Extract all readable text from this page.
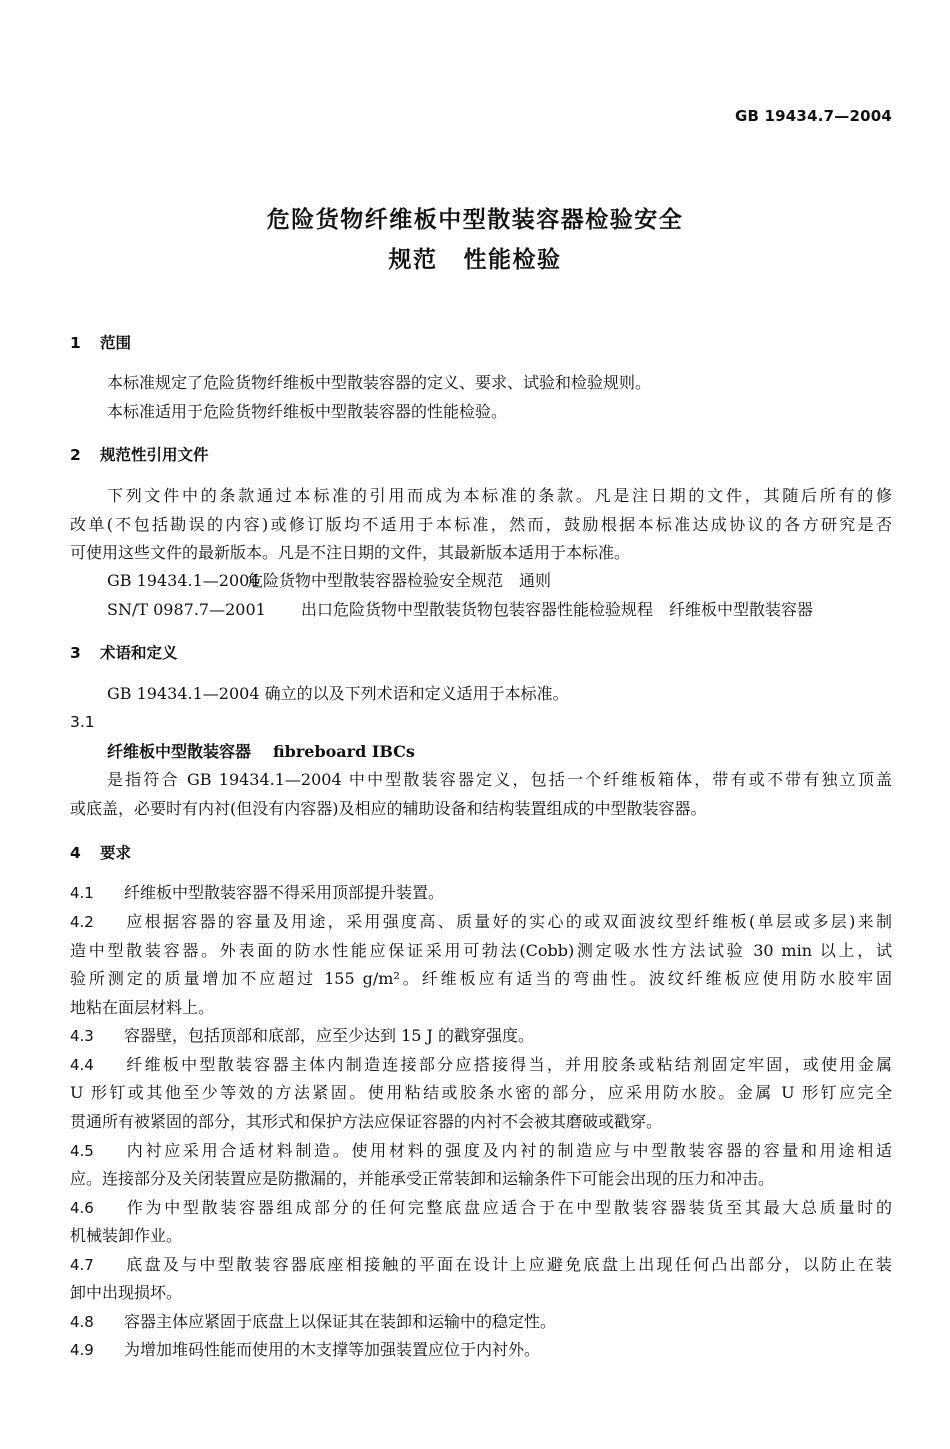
GB 19434.7—2004
危险货物纤维板中型散装容器检验安全
规范 性能检验
1 范围
本标准规定了危险货物纤维板中型散装容器的定义、要求、试验和检验规则。
本标准适用于危险货物纤维板中型散装容器的性能检验。
2 规范性引用文件
下列文件中的条款通过本标准的引用而成为本标准的条款。凡是注日期的文件，其随后所有的修
改单(不包括勘误的内容)或修订版均不适用于本标准，然而，鼓励根据本标准达成协议的各方研究是否
可使用这些文件的最新版本。凡是不注日期的文件，其最新版本适用于本标准。
GB 19434.1—2004危险货物中型散装容器检验安全规范　通则
SN/T 0987.7—2001 出口危险货物中型散装货物包装容器性能检验规程　纤维板中型散装容器
3 术语和定义
GB 19434.1—2004 确立的以及下列术语和定义适用于本标准。
3.1
纤维板中型散装容器 fibreboard IBCs
是指符合 GB 19434.1—2004 中中型散装容器定义，包括一个纤维板箱体，带有或不带有独立顶盖
或底盖，必要时有内衬(但没有内容器)及相应的辅助设备和结构装置组成的中型散装容器。
4 要求
4.1 纤维板中型散装容器不得采用顶部提升装置。
4.2 应根据容器的容量及用途，采用强度高、质量好的实心的或双面波纹型纤维板(单层或多层)来制
造中型散装容器。外表面的防水性能应保证采用可勃法(Cobb)测定吸水性方法试验 30 min 以上，试
验所测定的质量增加不应超过 155 g/m²。纤维板应有适当的弯曲性。波纹纤维板应使用防水胶牢固
地粘在面层材料上。
4.3 容器壁，包括顶部和底部，应至少达到 15 J 的戳穿强度。
4.4 纤维板中型散装容器主体内制造连接部分应搭接得当，并用胶条或粘结剂固定牢固，或使用金属
U 形钉或其他至少等效的方法紧固。使用粘结或胶条水密的部分，应采用防水胶。金属 U 形钉应完全
贯通所有被紧固的部分，其形式和保护方法应保证容器的内衬不会被其磨破或戳穿。
4.5 内衬应采用合适材料制造。使用材料的强度及内衬的制造应与中型散装容器的容量和用途相适
应。连接部分及关闭装置应是防撒漏的，并能承受正常装卸和运输条件下可能会出现的压力和冲击。
4.6 作为中型散装容器组成部分的任何完整底盘应适合于在中型散装容器装货至其最大总质量时的
机械装卸作业。
4.7 底盘及与中型散装容器底座相接触的平面在设计上应避免底盘上出现任何凸出部分，以防止在装
卸中出现损坏。
4.8 容器主体应紧固于底盘上以保证其在装卸和运输中的稳定性。
4.9 为增加堆码性能而使用的木支撑等加强装置应位于内衬外。
